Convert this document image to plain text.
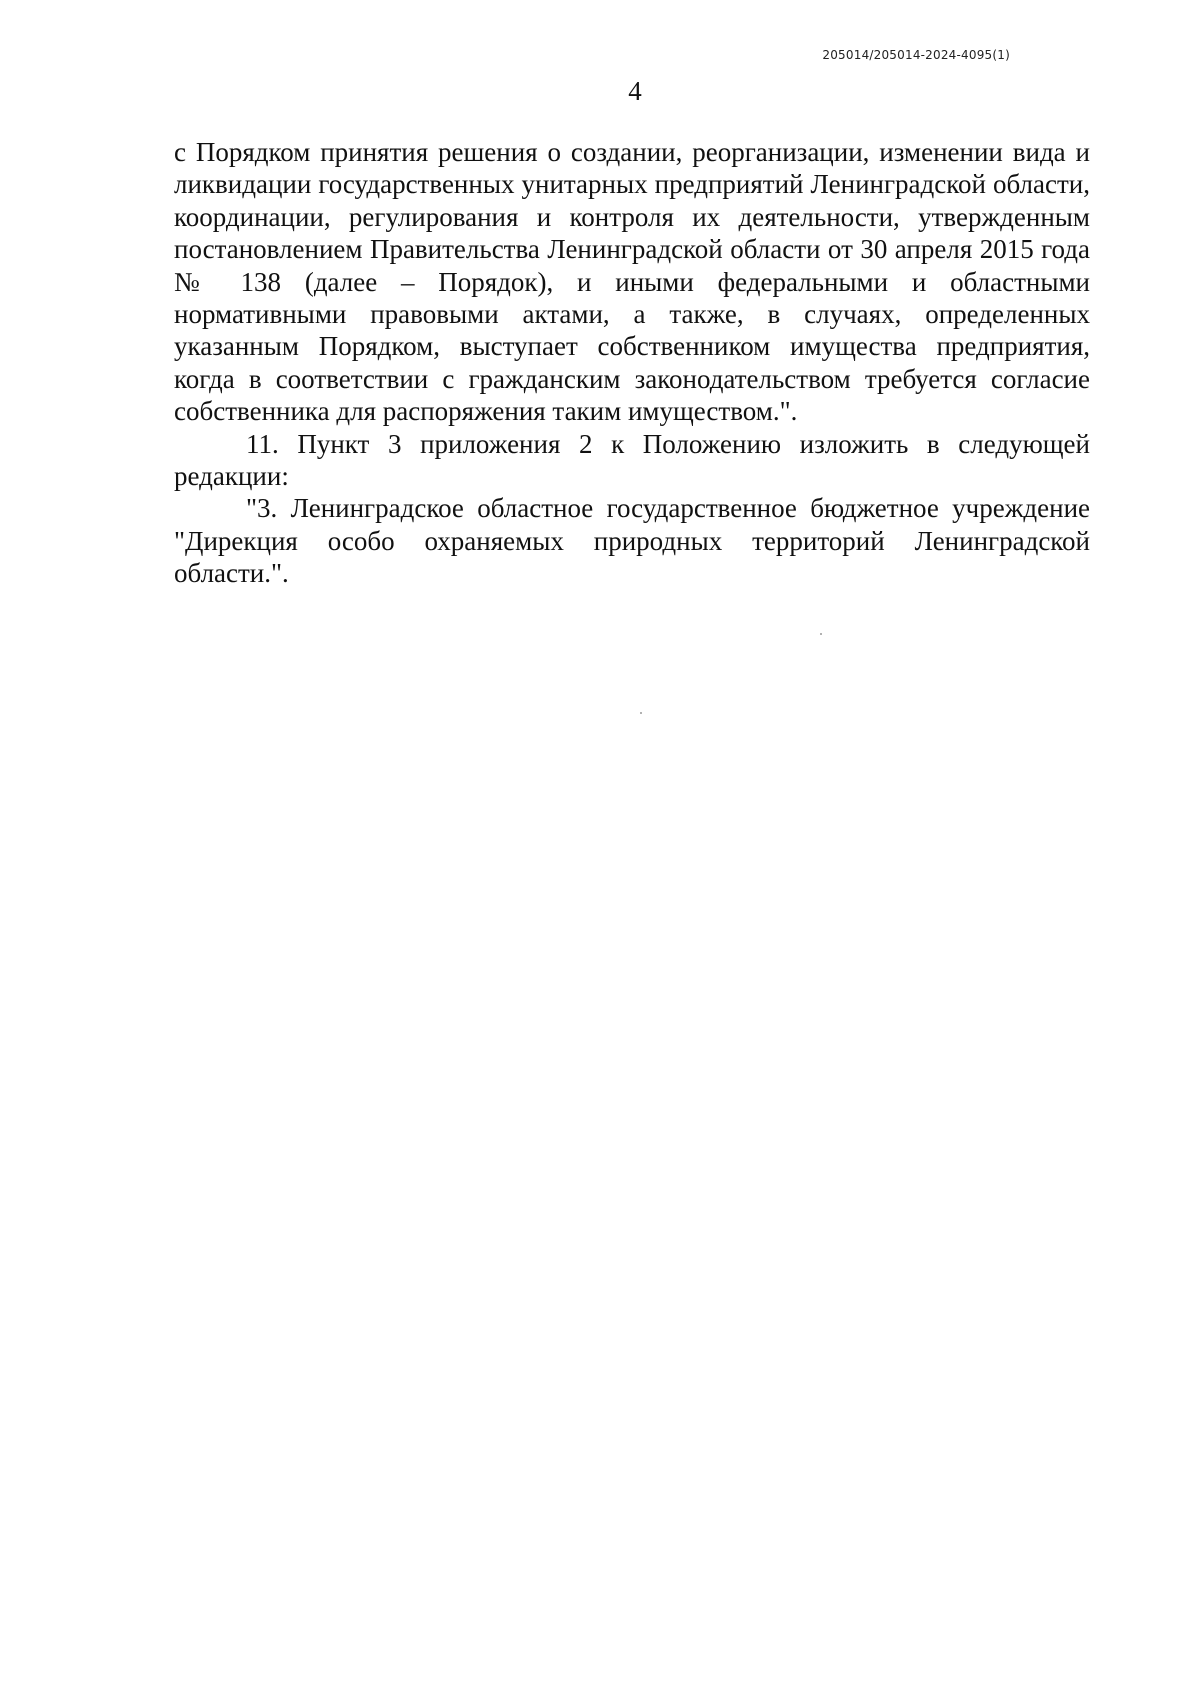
205014/205014-2024-4095(1)
4

с Порядком принятия решения о создании, реорганизации, изменении вида и ликвидации государственных унитарных предприятий Ленинградской области, координации, регулирования и контроля их деятельности, утвержденным постановлением Правительства Ленинградской области от 30 апреля 2015 года № 138 (далее – Порядок), и иными федеральными и областными нормативными правовыми актами, а также, в случаях, определенных указанным Порядком, выступает собственником имущества предприятия, когда в соответствии с гражданским законодательством требуется согласие собственника для распоряжения таким имуществом.".

11. Пункт 3 приложения 2 к Положению изложить в следующей редакции:

"3. Ленинградское областное государственное бюджетное учреждение "Дирекция особо охраняемых природных территорий Ленинградской области.".
